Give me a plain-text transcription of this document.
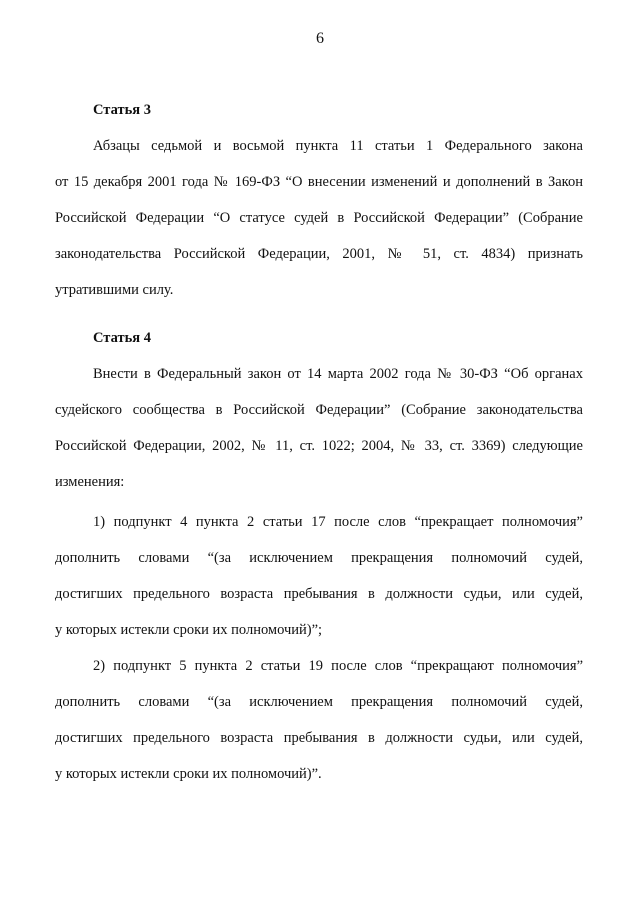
6
Статья 3
Абзацы седьмой и восьмой пункта 11 статьи 1 Федерального закона
от 15 декабря 2001 года № 169-ФЗ “О внесении изменений и дополнений в Закон
Российской Федерации “О статусе судей в Российской Федерации” (Собрание
законодательства Российской Федерации, 2001, № 51, ст. 4834) признать
утратившими силу.
Статья 4
Внести в Федеральный закон от 14 марта 2002 года № 30-ФЗ “Об органах
судейского сообщества в Российской Федерации” (Собрание законодательства
Российской Федерации, 2002, № 11, ст. 1022; 2004, № 33, ст. 3369) следующие
изменения:
1) подпункт 4 пункта 2 статьи 17 после слов “прекращает полномочия”
дополнить словами “(за исключением прекращения полномочий судей,
достигших предельного возраста пребывания в должности судьи, или судей,
у которых истекли сроки их полномочий)”;
2) подпункт 5 пункта 2 статьи 19 после слов “прекращают полномочия”
дополнить словами “(за исключением прекращения полномочий судей,
достигших предельного возраста пребывания в должности судьи, или судей,
у которых истекли сроки их полномочий)”.
